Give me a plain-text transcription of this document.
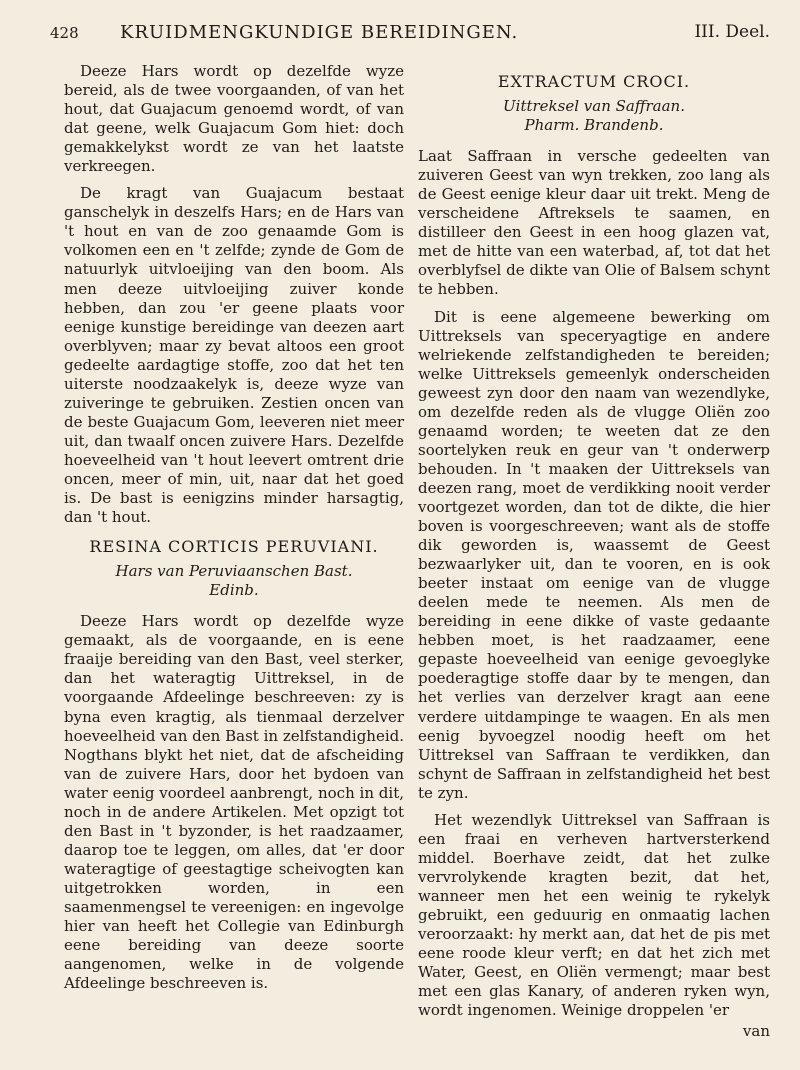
428 KRUIDMENGKUNDIGE BEREIDINGEN.	III. Deel.

Deeze Hars wordt op dezelfde wyze bereid, als de twee voorgaanden, of van het hout, dat Guajacum genoemd wordt, of van dat geene, welk Guajacum Gom hiet: doch gemakkelykst wordt ze van het laatste verkreegen.

De kragt van Guajacum bestaat ganschelyk in deszelfs Hars; en de Hars van 't hout en van de zoo genaamde Gom is volkomen een en 't zelfde; zynde de Gom de natuurlyk uitvloeijing van den boom. Als men deeze uitvloeijing zuiver konde hebben, dan zou 'er geene plaats voor eenige kunstige bereidinge van deezen aart overblyven; maar zy bevat altoos een groot gedeelte aardagtige stoffe, zoo dat het ten uiterste noodzaakelyk is, deeze wyze van zuiveringe te gebruiken. Zestien oncen van de beste Guajacum Gom, leeveren niet meer uit, dan twaalf oncen zuivere Hars. Dezelfde hoeveelheid van 't hout leevert omtrent drie oncen, meer of min, uit, naar dat het goed is. De bast is eenigzins minder harsagtig, dan 't hout.

RESINA CORTICIS PERUVIANI.

Hars van Peruviaanschen Bast.

Edinb.

Deeze Hars wordt op dezelfde wyze gemaakt, als de voorgaande, en is eene fraaije bereiding van den Bast, veel sterker, dan het wateragtig Uittreksel, in de voorgaande Afdeelinge beschreeven: zy is byna even kragtig, als tienmaal derzelver hoeveelheid van den Bast in zelfstandigheid. Nogthans blykt het niet, dat de afscheiding van de zuivere Hars, door het bydoen van water eenig voordeel aanbrengt, noch in dit, noch in de andere Artikelen. Met opzigt tot den Bast in 't byzonder, is het raadzaamer, daarop toe te leggen, om alles, dat 'er door wateragtige of geestagtige scheivogten kan uitgetrokken worden, in een saamenmengsel te vereenigen: en ingevolge hier van heeft het Collegie van Edinburgh eene bereiding van deeze soorte aangenomen, welke in de volgende Afdeelinge beschreeven is.

EXTRACTUM CROCI.

Uittreksel van Saffraan.

Pharm. Brandenb.

Laat Saffraan in versche gedeelten van zuiveren Geest van wyn trekken, zoo lang als de Geest eenige kleur daar uit trekt. Meng de verscheidene Aftreksels te saamen, en distilleer den Geest in een hoog glazen vat, met de hitte van een waterbad, af, tot dat het overblyfsel de dikte van Olie of Balsem schynt te hebben.

Dit is eene algemeene bewerking om Uittreksels van speceryagtige en andere welriekende zelfstandigheden te bereiden; welke Uittreksels gemeenlyk onderscheiden geweest zyn door den naam van wezendlyke, om dezelfde reden als de vlugge Oliën zoo genaamd worden; te weeten dat ze den soortelyken reuk en geur van 't onderwerp behouden. In 't maaken der Uittreksels van deezen rang, moet de verdikking nooit verder voortgezet worden, dan tot de dikte, die hier boven is voorgeschreeven; want als de stoffe dik geworden is, waassemt de Geest bezwaarlyker uit, dan te vooren, en is ook beeter instaat om eenige van de vlugge deelen mede te neemen. Als men de bereiding in eene dikke of vaste gedaante hebben moet, is het raadzaamer, eene gepaste hoeveelheid van eenige gevoeglyke poederagtige stoffe daar by te mengen, dan het verlies van derzelver kragt aan eene verdere uitdampinge te waagen. En als men eenig byvoegzel noodig heeft om het Uittreksel van Saffraan te verdikken, dan schynt de Saffraan in zelfstandigheid het best te zyn.

Het wezendlyk Uittreksel van Saffraan is een fraai en verheven hartversterkend middel. Boerhave zeidt, dat het zulke vervrolykende kragten bezit, dat het, wanneer men het een weinig te rykelyk gebruikt, een geduurig en onmaatig lachen veroorzaakt: hy merkt aan, dat het de pis met eene roode kleur verft; en dat het zich met Water, Geest, en Oliën vermengt; maar best met een glas Kanary, of anderen ryken wyn, wordt ingenomen. Weinige droppelen 'er

van
